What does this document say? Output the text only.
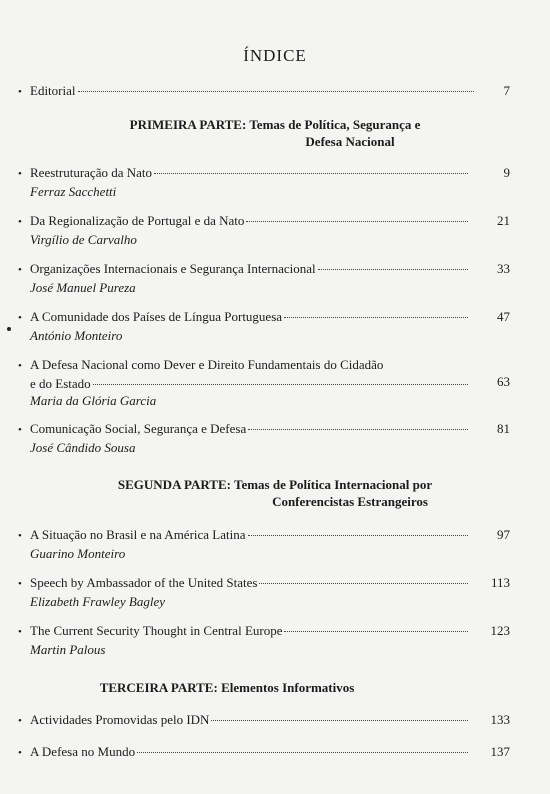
ÍNDICE
• Editorial	7
PRIMEIRA PARTE: Temas de Política, Segurança e
Defesa Nacional
• Reestruturação da Nato	9
Ferraz Sacchetti
• Da Regionalização de Portugal e da Nato	21
Virgílio de Carvalho
• Organizações Internacionais e Segurança Internacional	33
José Manuel Pureza
• A Comunidade dos Países de Língua Portuguesa	47
António Monteiro
• A Defesa Nacional como Dever e Direito Fundamentais do Cidadão
e do Estado	63
Maria da Glória Garcia
• Comunicação Social, Segurança e Defesa	81
José Cândido Sousa
SEGUNDA PARTE: Temas de Política Internacional por
Conferencistas Estrangeiros
• A Situação no Brasil e na América Latina	97
Guarino Monteiro
• Speech by Ambassador of the United States	113
Elizabeth Frawley Bagley
• The Current Security Thought in Central Europe	123
Martin Palous
TERCEIRA PARTE: Elementos Informativos
• Actividades Promovidas pelo IDN	133
• A Defesa no Mundo	137
